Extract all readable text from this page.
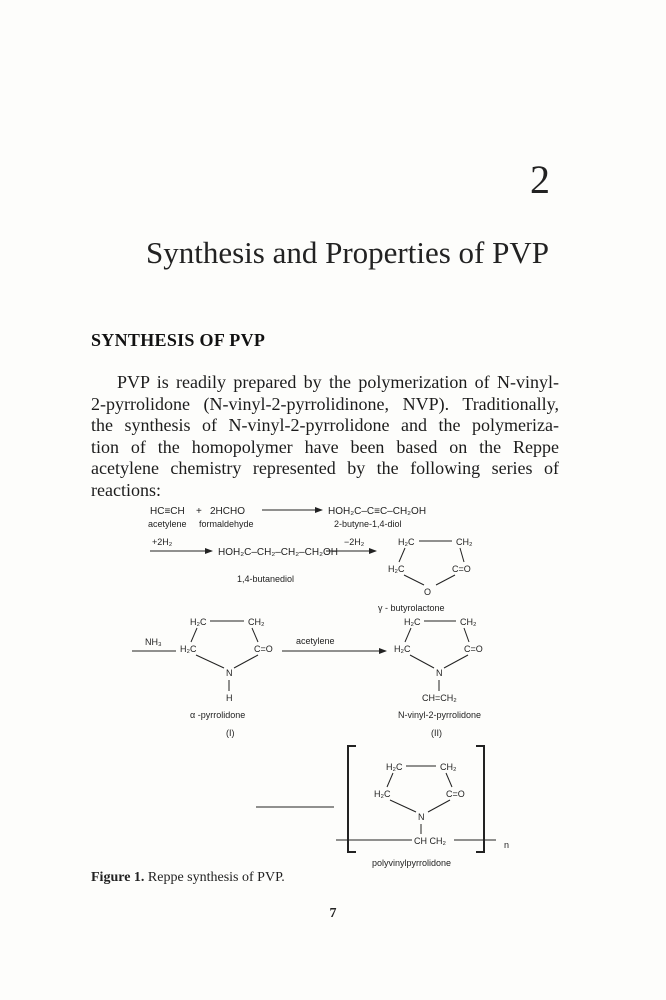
2
Synthesis and Properties of PVP
SYNTHESIS OF PVP
PVP is readily prepared by the polymerization of N-vinyl-
2-pyrrolidone (N-vinyl-2-pyrrolidinone, NVP). Traditionally,
the synthesis of N-vinyl-2-pyrrolidone and the polymeriza-
tion of the homopolymer have been based on the Reppe
acetylene chemistry represented by the following series of
reactions:
HC≡CH + 2HCHO	HOH₂C–C≡C–CH₂OH
acetylene formaldehyde	2-butyne-1,4-diol
+2H₂
HOH₂C–CH₂–CH₂–CH₂OH
1,4-butanediol
−2H₂	H₂C	CH₂
H₂C	C=O
O
γ - butyrolactone
NH₃
H₂C	CH₂
H₂C	C=O
N
H
α -pyrrolidone
(I)
acetylene
H₂C	CH₂
H₂C	C=O
N
CH=CH₂
N-vinyl-2-pyrrolidone
(II)
H₂C	CH₂
H₂C	C=O
N
CH CH₂	n
polyvinylpyrrolidone
Figure 1. Reppe synthesis of PVP.
7
